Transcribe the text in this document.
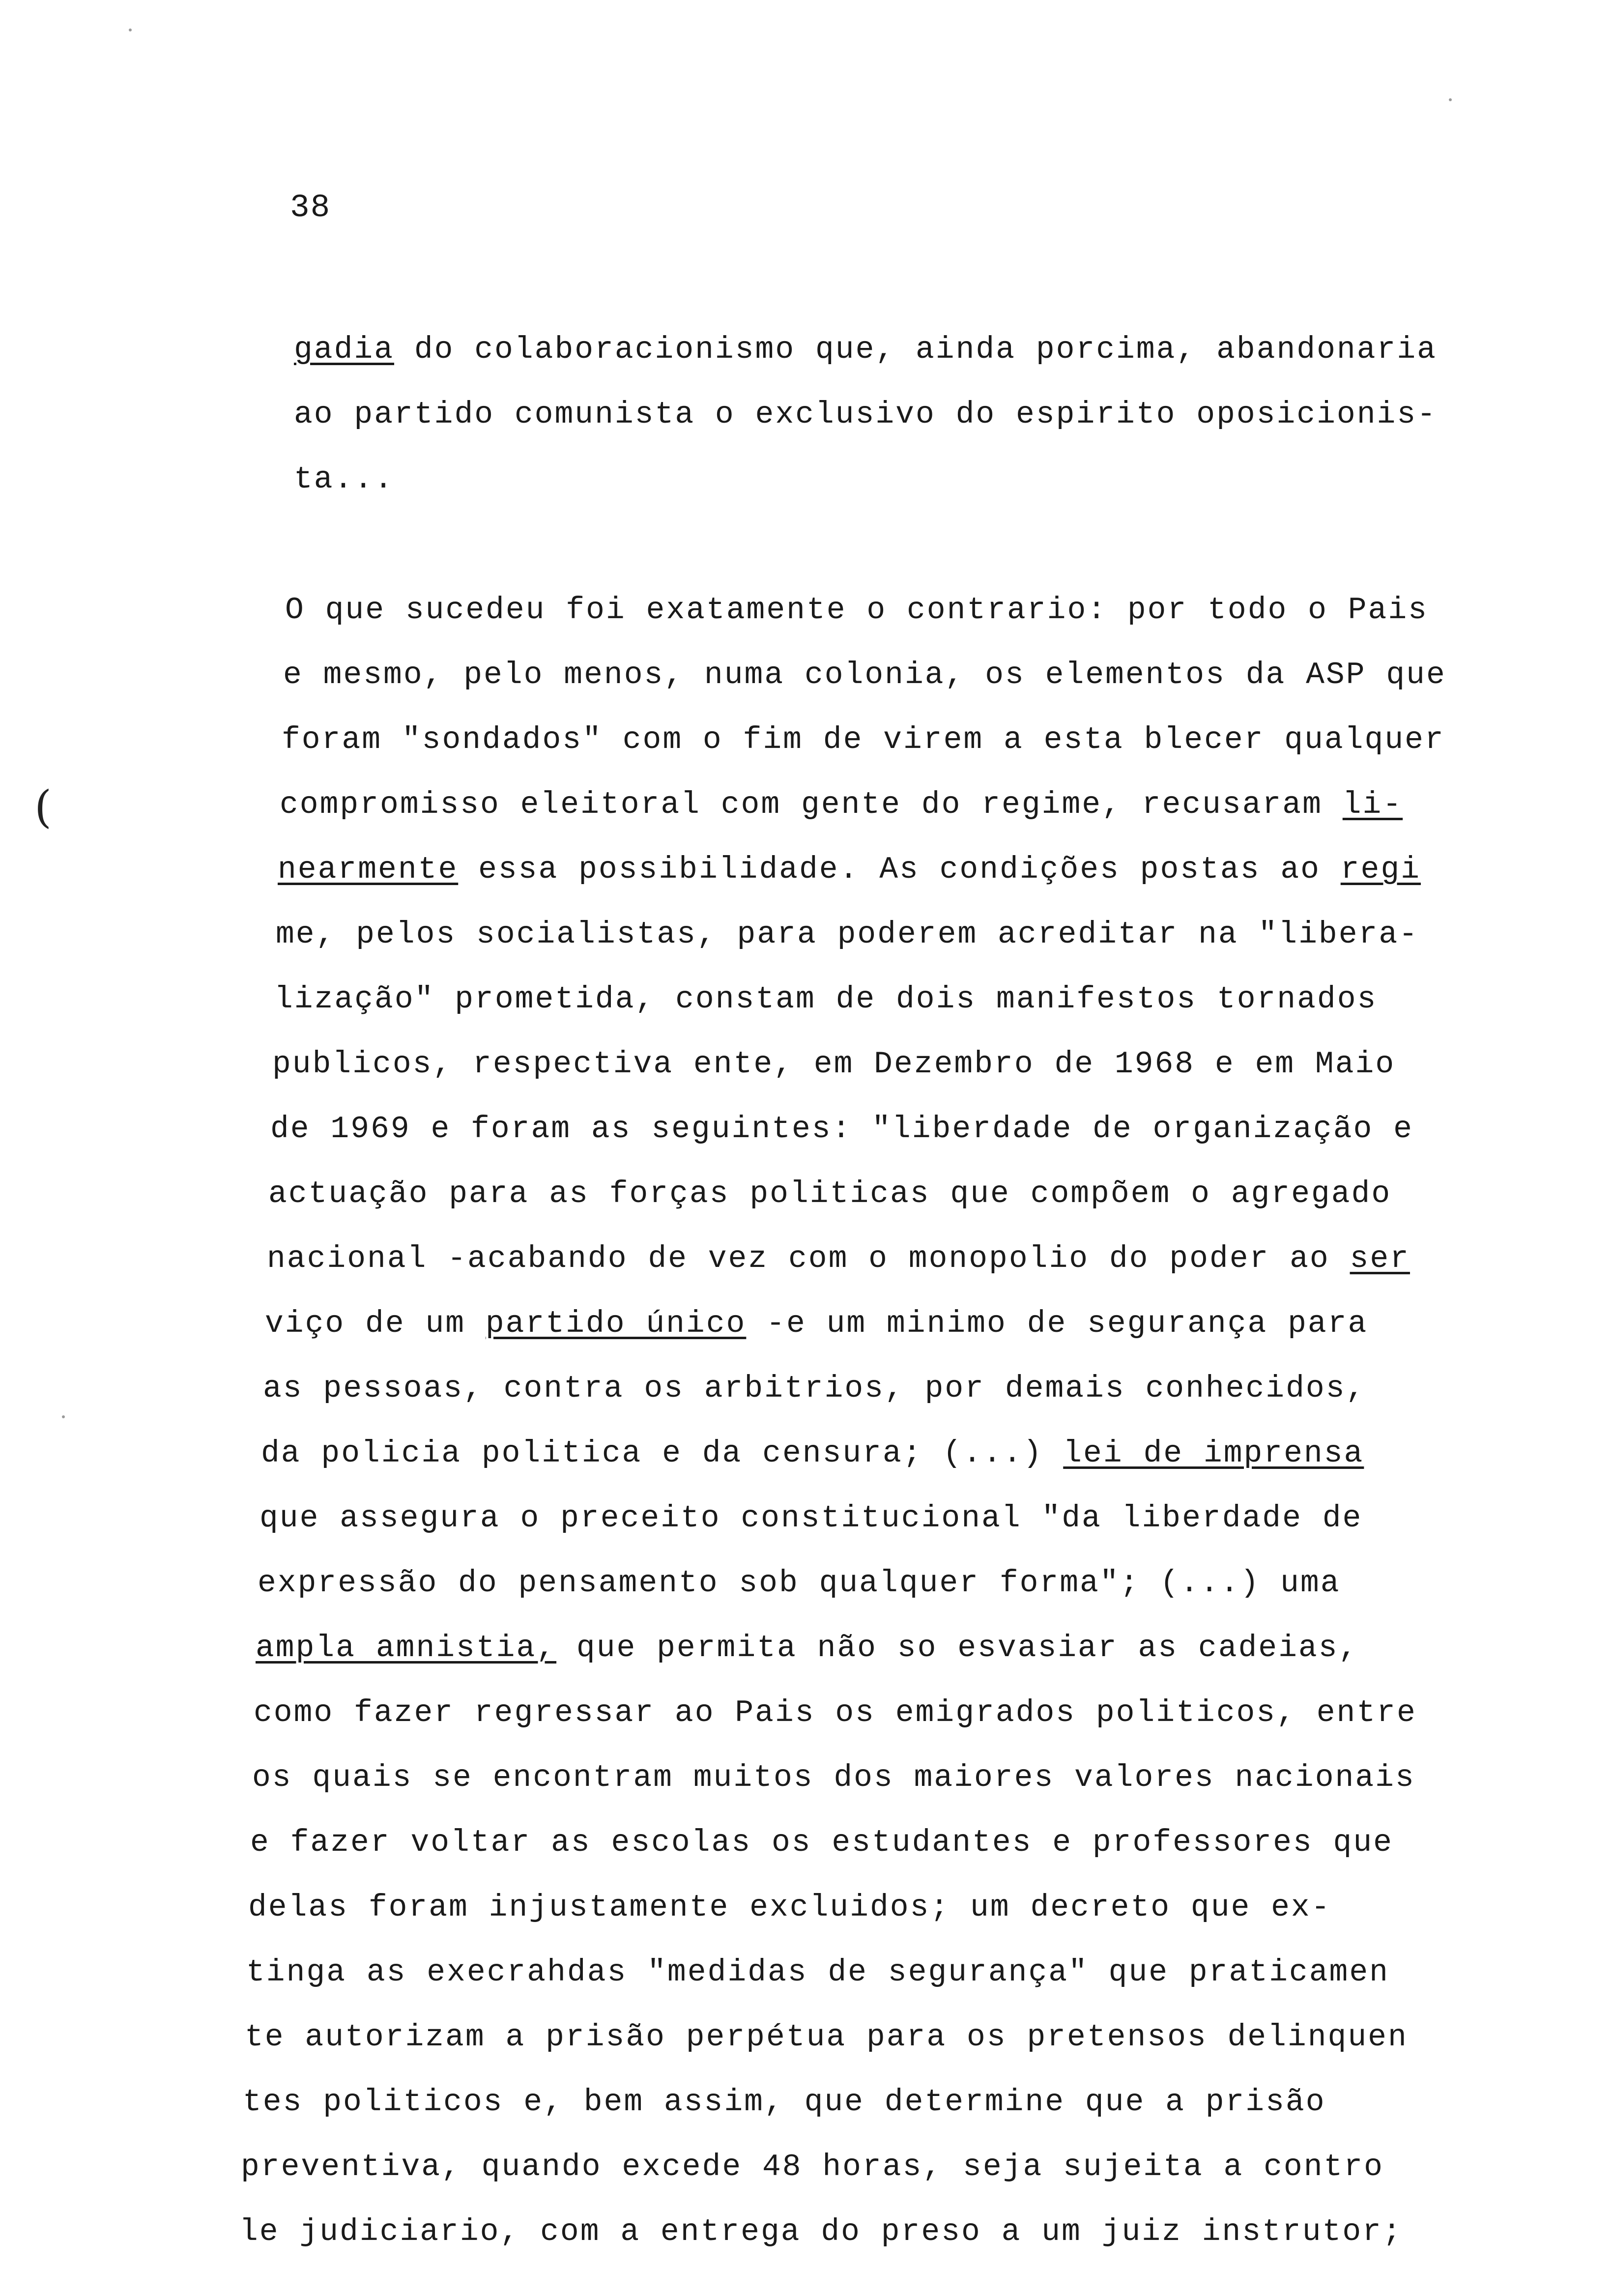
38
(
gadia do colaboracionismo que, ainda porcima, abandonaria
ao partido comunista o exclusivo do espirito oposicionis-
ta...
O que sucedeu foi exatamente o contrario: por todo o Pais
e mesmo, pelo menos, numa colonia, os elementos da ASP que
foram "sondados" com o fim de virem a esta blecer qualquer
compromisso eleitoral com gente do regime, recusaram li-
nearmente essa possibilidade. As condições postas ao regi
me, pelos socialistas, para poderem acreditar na "libera-
lização" prometida, constam de dois manifestos tornados
publicos, respectiva ente, em Dezembro de 1968 e em Maio
de 1969 e foram as seguintes: "liberdade de organização e
actuação para as forças politicas que compõem o agregado
nacional -acabando de vez com o monopolio do poder ao ser
viço de um partido único -e um minimo de segurança para
as pessoas, contra os arbitrios, por demais conhecidos,
da policia politica e da censura; (...) lei de imprensa
que assegura o preceito constitucional "da liberdade de
expressão do pensamento sob qualquer forma"; (...) uma
ampla amnistia, que permita não so esvasiar as cadeias,
como fazer regressar ao Pais os emigrados politicos, entre
os quais se encontram muitos dos maiores valores nacionais
e fazer voltar as escolas os estudantes e professores que
delas foram injustamente excluidos; um decreto que ex-
tinga as execrahdas "medidas de segurança" que praticamen
te autorizam a prisão perpétua para os pretensos delinquen
tes politicos e, bem assim, que determine que a prisão
preventiva, quando excede 48 horas, seja sujeita a contro
le judiciario, com a entrega do preso a um juiz instrutor;
